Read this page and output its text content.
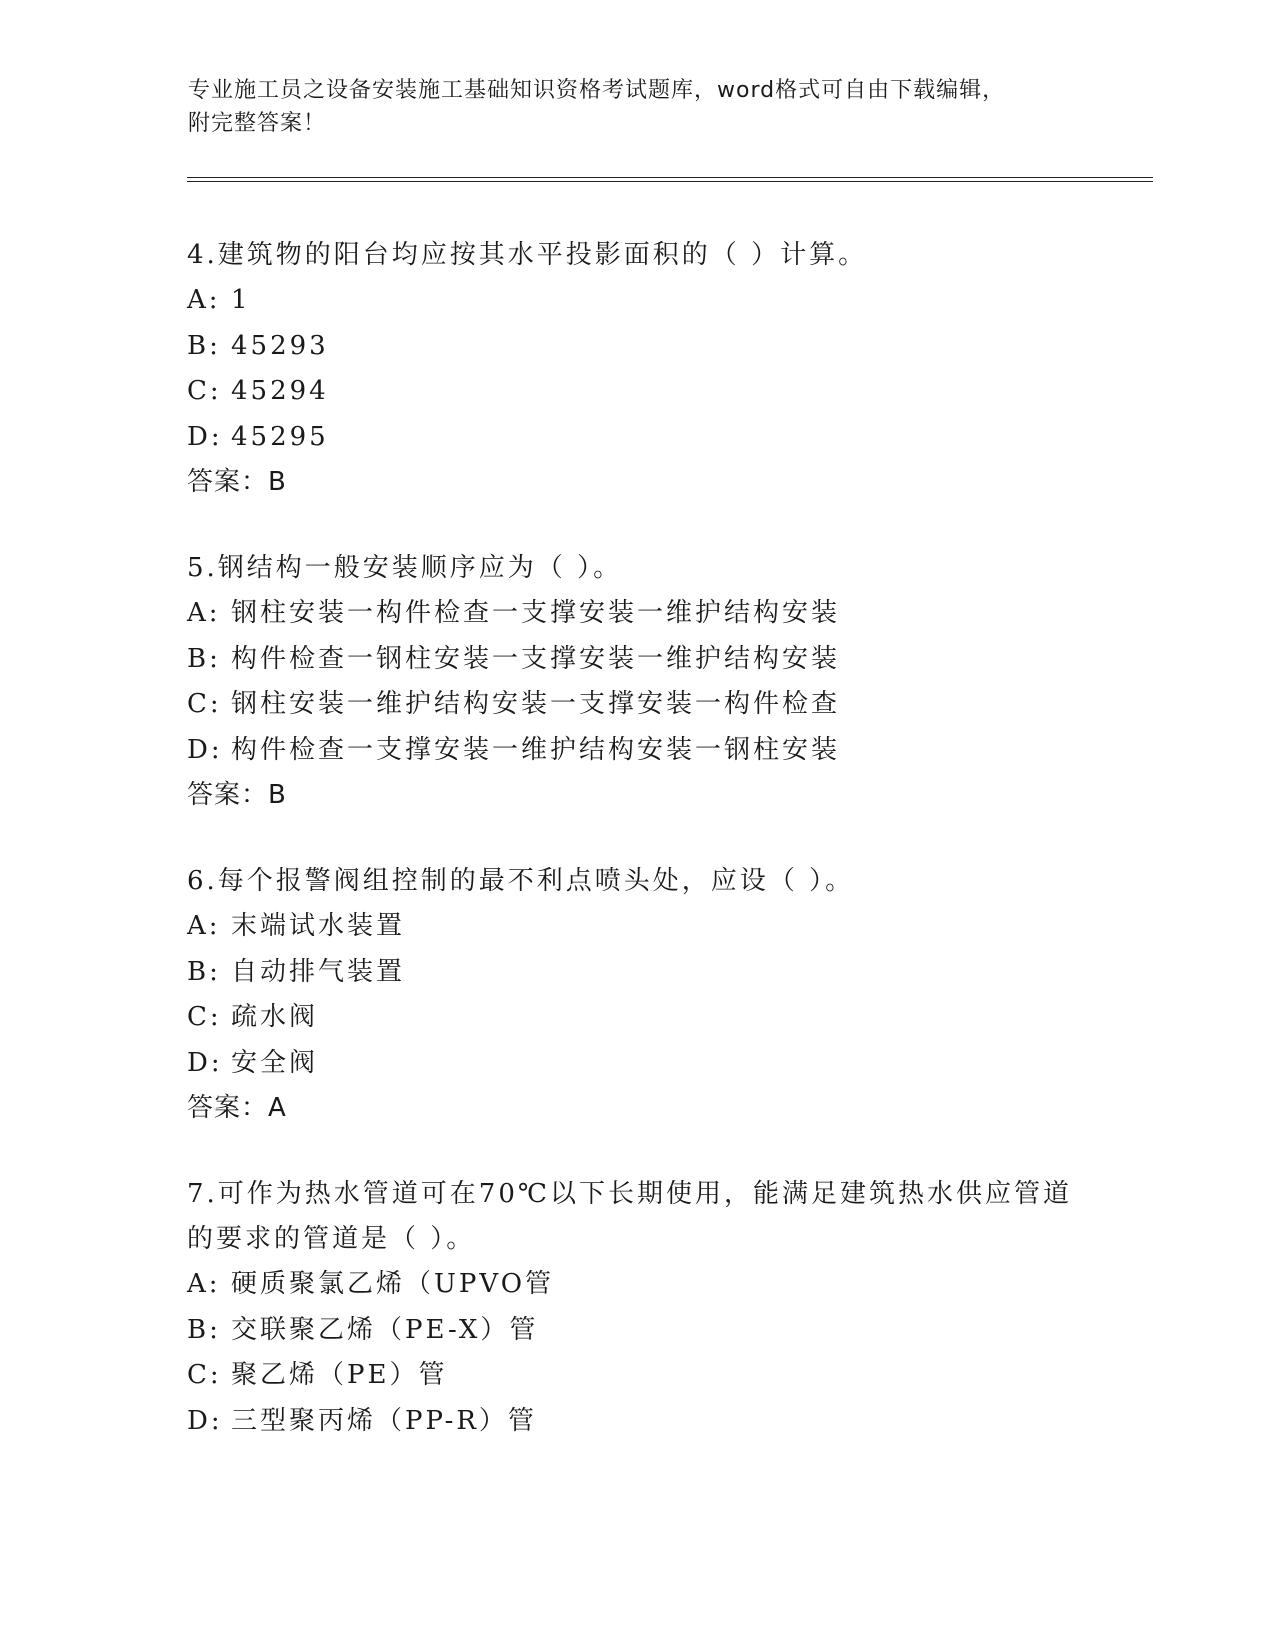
专业施工员之设备安装施工基础知识资格考试题库，word格式可自由下载编辑，
附完整答案！

4.建筑物的阳台均应按其水平投影面积的（ ）计算。

A: 1
B: 45293
C: 45294
D: 45295

答案：B

5.钢结构一般安装顺序应为（ ）。

A: 钢柱安装一构件检查一支撑安装一维护结构安装
B: 构件检查一钢柱安装一支撑安装一维护结构安装
C: 钢柱安装一维护结构安装一支撑安装一构件检查
D: 构件检查一支撑安装一维护结构安装一钢柱安装

答案：B

6.每个报警阀组控制的最不利点喷头处，应设（ ）。

A: 末端试水装置
B: 自动排气装置
C: 疏水阀
D: 安全阀

答案：A

7.可作为热水管道可在70℃以下长期使用，能满足建筑热水供应管道

的要求的管道是（ ）。

A: 硬质聚氯乙烯（UPVO管
B: 交联聚乙烯（PE-X）管
C: 聚乙烯（PE）管
D: 三型聚丙烯（PP-R）管
